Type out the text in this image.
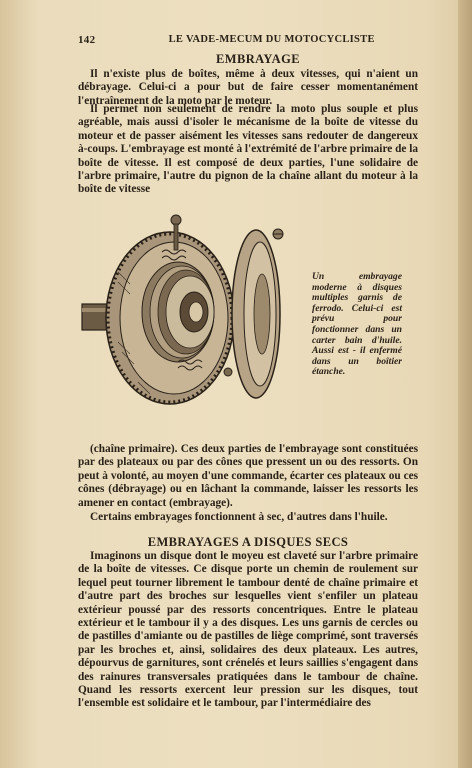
142	LE VADE-MECUM DU MOTOCYCLISTE
EMBRAYAGE

Il n'existe plus de boîtes, même à deux vitesses, qui n'aient un débrayage. Celui-ci a pour but de faire cesser momentanément l'entraînement de la moto par le moteur.

Il permet non seulement de rendre la moto plus souple et plus agréable, mais aussi d'isoler le mécanisme de la boîte de vitesse du moteur et de passer aisément les vitesses sans redouter de dangereux à-coups. L'embrayage est monté à l'extrémité de l'arbre primaire de la boîte de vitesse. Il est composé de deux parties, l'une solidaire de l'arbre primaire, l'autre du pignon de la chaîne allant du moteur à la boîte de vitesse

Un embrayage moderne à disques multiples garnis de ferrodo. Celui-ci est prévu pour fonctionner dans un carter bain d'huile. Aussi est - il enfermé dans un boîtier étanche.

(chaîne primaire). Ces deux parties de l'embrayage sont constituées par des plateaux ou par des cônes que pressent un ou des ressorts. On peut à volonté, au moyen d'une commande, écarter ces plateaux ou ces cônes (débrayage) ou en lâchant la commande, laisser les ressorts les amener en contact (embrayage).

Certains embrayages fonctionnent à sec, d'autres dans l'huile.

EMBRAYAGES A DISQUES SECS

Imaginons un disque dont le moyeu est claveté sur l'arbre primaire de la boîte de vitesses. Ce disque porte un chemin de roulement sur lequel peut tourner librement le tambour denté de chaîne primaire et d'autre part des broches sur lesquelles vient s'enfiler un plateau extérieur poussé par des ressorts concentriques. Entre le plateau extérieur et le tambour il y a des disques. Les uns garnis de cercles ou de pastilles d'amiante ou de pastilles de liège comprimé, sont traversés par les broches et, ainsi, solidaires des deux plateaux. Les autres, dépourvus de garnitures, sont crénelés et leurs saillies s'engagent dans des rainures transversales pratiquées dans le tambour de chaîne. Quand les ressorts exercent leur pression sur les disques, tout l'ensemble est solidaire et le tambour, par l'intermédiaire des
